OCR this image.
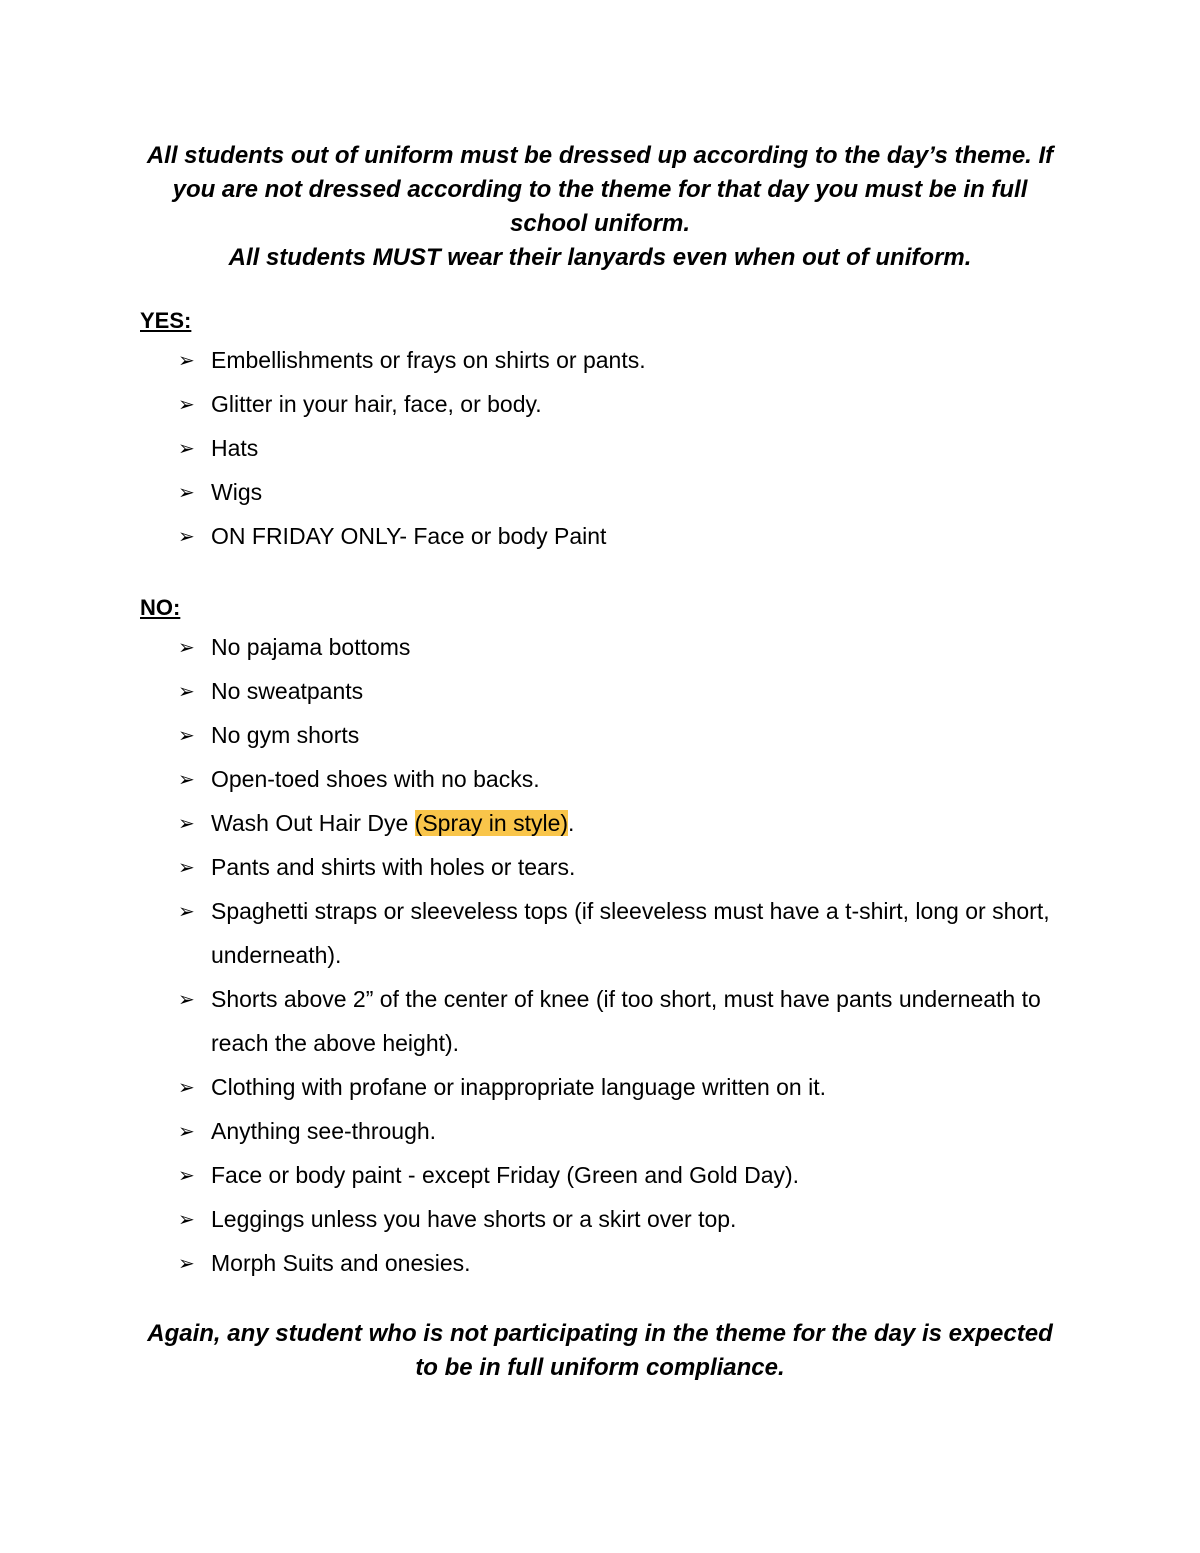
All students out of uniform must be dressed up according to the day’s theme. If you are not dressed according to the theme for that day you must be in full school uniform.

All students MUST wear their lanyards even when out of uniform.

YES:

➢ Embellishments or frays on shirts or pants.
➢ Glitter in your hair, face, or body.
➢ Hats
➢ Wigs
➢ ON FRIDAY ONLY- Face or body Paint

NO:

➢ No pajama bottoms
➢ No sweatpants
➢ No gym shorts
➢ Open-toed shoes with no backs.
➢ Wash Out Hair Dye (Spray in style).
➢ Pants and shirts with holes or tears.
➢ Spaghetti straps or sleeveless tops (if sleeveless must have a t-shirt, long or short, underneath).
➢ Shorts above 2” of the center of knee (if too short, must have pants underneath to reach the above height).
➢ Clothing with profane or inappropriate language written on it.
➢ Anything see-through.
➢ Face or body paint - except Friday (Green and Gold Day).
➢ Leggings unless you have shorts or a skirt over top.
➢ Morph Suits and onesies.

Again, any student who is not participating in the theme for the day is expected to be in full uniform compliance.
